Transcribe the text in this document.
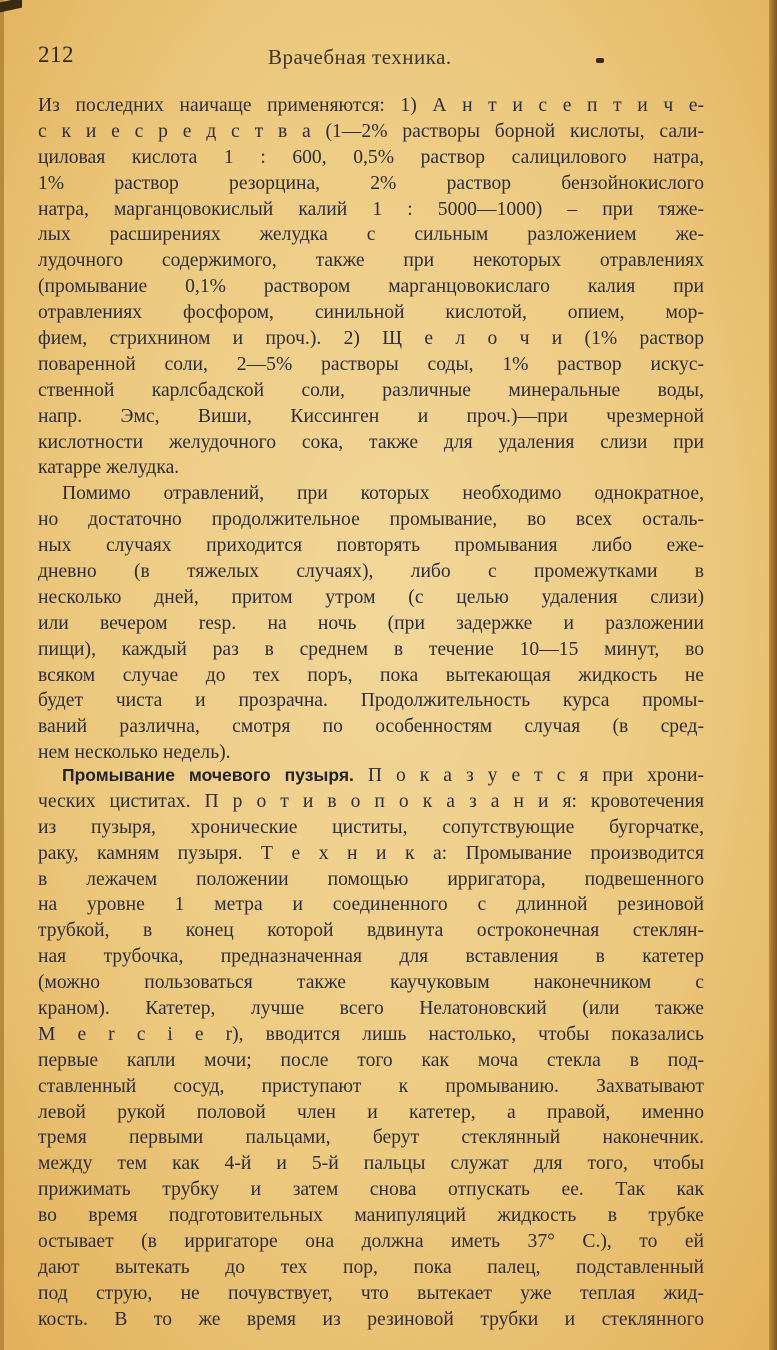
212	Врачебная техника.
Из последних наичаще применяются: 1) А н т и с е п т и ч е-
с к и е с р е д с т в а (1—2% растворы борной кислоты, сали-
циловая кислота 1 : 600, 0,5% раствор салицилового натра,
1% раствор резорцина, 2% раствор бензойнокислого
натра, марганцовокислый калий 1 : 5000—1000) – при тяже-
лых расширениях желудка с сильным разложением же-
лудочного содержимого, также при некоторых отравлениях
(промывание 0,1% раствором марганцовокислаго калия при
отравлениях фосфором, синильной кислотой, опием, мор-
фием, стрихнином и проч.). 2) Щ е л о ч и (1% раствор
поваренной соли, 2—5% растворы соды, 1% раствор искус-
ственной карлсбадской соли, различные минеральные воды,
напр. Эмс, Виши, Киссинген и проч.)—при чрезмерной
кислотности желудочного сока, также для удаления слизи при
катарре желудка.
Помимо отравлений, при которых необходимо однократное,
но достаточно продолжительное промывание, во всех осталь-
ных случаях приходится повторять промывания либо ежe-
дневно (в тяжелых случаях), либо с промежутками в
несколько дней, притом утром (с целью удаления слизи)
или вечером resp. на ночь (при задержке и разложении
пищи), каждый раз в среднем в течение 10—15 минут, во
всяком случае до тех поръ, пока вытекающая жидкость не
будет чиста и прозрачна. Продолжительность курса промы-
ваний различна, смотря по особенностям случая (в сред-
нем несколько недель).
Промывание мочевого пузыря. П о к а з у е т с я при хрони-
ческих циститах. П р о т и в о п о к а з а н и я: кровотечения
из пузыря, хронические циститы, сопутствующие бугорчатке,
раку, камням пузыря. Т е х н и к а: Промывание производится
в лежачем положении помощью ирригатора, подвешенного
на уровне 1 метра и соединенного с длинной резиновой
трубкой, в конец которой вдвинута остроконечная стеклян-
ная трубочка, предназначенная для вставления в катетер
(можно пользоваться также каучуковым наконечником с
краном). Катетер, лучше всего Нелатоновский (или также
M e r c i e r), вводится лишь настолько, чтобы показались
первые капли мочи; после того как моча стекла в под-
ставленный сосуд, приступают к промыванию. Захватывают
левой рукой половой член и катетер, а правой, именно
тремя первыми пальцами, берут стеклянный наконечник.
между тем как 4-й и 5-й пальцы служат для того, чтобы
прижимать трубку и затем снова отпускать ее. Так как
во время подготовительных манипуляций жидкость в трубке
остывает (в ирригаторе она должна иметь 37° С.), то ей
дают вытекать до тех пор, пока палец, подставленный
под струю, не почувствует, что вытекает уже теплая жид-
кость. В то же время из резиновой трубки и стеклянного
